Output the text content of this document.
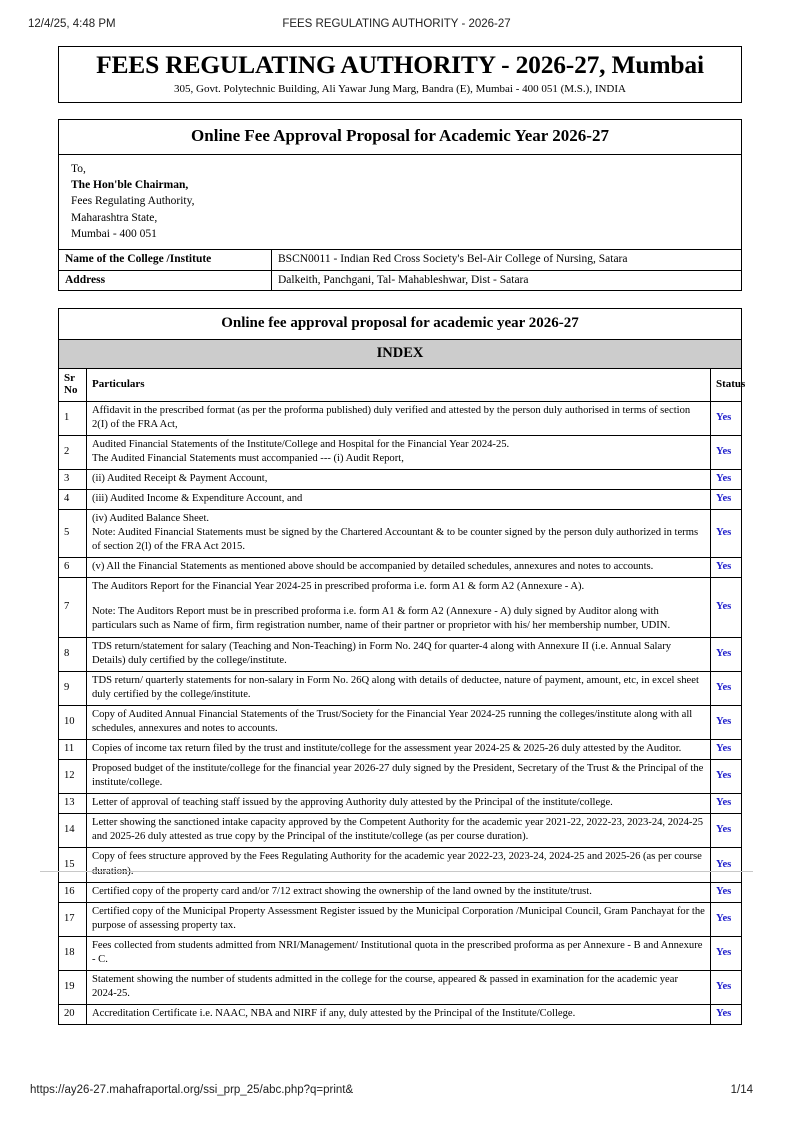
12/4/25, 4:48 PM	FEES REGULATING AUTHORITY - 2026-27
FEES REGULATING AUTHORITY - 2026-27, Mumbai
305, Govt. Polytechnic Building, Ali Yawar Jung Marg, Bandra (E), Mumbai - 400 051 (M.S.), INDIA
Online Fee Approval Proposal for Academic Year 2026-27
To,
The Hon'ble Chairman,
Fees Regulating Authority,
Maharashtra State,
Mumbai - 400 051
Name of the College /Institute	BSCN0011 - Indian Red Cross Society's Bel-Air College of Nursing, Satara
Address	Dalkeith, Panchgani, Tal- Mahableshwar, Dist - Satara
Online fee approval proposal for academic year 2026-27		
INDEX		
Sr
No	Particulars	Status
1	Affidavit in the prescribed format (as per the proforma published) duly verified and attested by the person duly authorised in terms of section 2(I) of the FRA Act,	Yes
2	Audited Financial Statements of the Institute/College and Hospital for the Financial Year 2024-25.

The Audited Financial Statements must accompanied --- (i) Audit Report,	Yes
3	(ii) Audited Receipt & Payment Account,	Yes
4	(iii) Audited Income & Expenditure Account, and	Yes
5	(iv) Audited Balance Sheet.

Note: Audited Financial Statements must be signed by the Chartered Accountant & to be counter signed by the person duly authorized in terms of section 2(l) of the FRA Act 2015.	Yes
6	(v) All the Financial Statements as mentioned above should be accompanied by detailed schedules, annexures and notes to accounts.	Yes
7	The Auditors Report for the Financial Year 2024-25 in prescribed proforma i.e. form A1 & form A2 (Annexure - A).

Note: The Auditors Report must be in prescribed proforma i.e. form A1 & form A2 (Annexure - A) duly signed by Auditor along with particulars such as Name of firm, firm registration number, name of their partner or proprietor with his/ her membership number, UDIN.	Yes
8	TDS return/statement for salary (Teaching and Non-Teaching) in Form No. 24Q for quarter-4 along with Annexure II (i.e. Annual Salary Details) duly certified by the college/institute.	Yes
9	TDS return/ quarterly statements for non-salary in Form No. 26Q along with details of deductee, nature of payment, amount, etc, in excel sheet duly certified by the college/institute.	Yes
10	Copy of Audited Annual Financial Statements of the Trust/Society for the Financial Year 2024-25 running the colleges/institute along with all schedules, annexures and notes to accounts.	Yes
11	Copies of income tax return filed by the trust and institute/college for the assessment year 2024-25 & 2025-26 duly attested by the Auditor.	Yes
12	Proposed budget of the institute/college for the financial year 2026-27 duly signed by the President, Secretary of the Trust & the Principal of the institute/college.	Yes
13	Letter of approval of teaching staff issued by the approving Authority duly attested by the Principal of the institute/college.	Yes
14	Letter showing the sanctioned intake capacity approved by the Competent Authority for the academic year 2021-22, 2022-23, 2023-24, 2024-25 and 2025-26 duly attested as true copy by the Principal of the institute/college (as per course duration).	Yes
15	Copy of fees structure approved by the Fees Regulating Authority for the academic year 2022-23, 2023-24, 2024-25 and 2025-26 (as per course duration).	Yes
16	Certified copy of the property card and/or 7/12 extract showing the ownership of the land owned by the institute/trust.	Yes
17	Certified copy of the Municipal Property Assessment Register issued by the Municipal Corporation /Municipal Council, Gram Panchayat for the purpose of assessing property tax.	Yes
18	Fees collected from students admitted from NRI/Management/ Institutional quota in the prescribed proforma as per Annexure - B and Annexure - C.	Yes
19	Statement showing the number of students admitted in the college for the course, appeared & passed in examination for the academic year 2024-25.	Yes
20	Accreditation Certificate i.e. NAAC, NBA and NIRF if any, duly attested by the Principal of the Institute/College.	Yes
https://ay26-27.mahafraportal.org/ssi_prp_25/abc.php?q=print&	1/14
